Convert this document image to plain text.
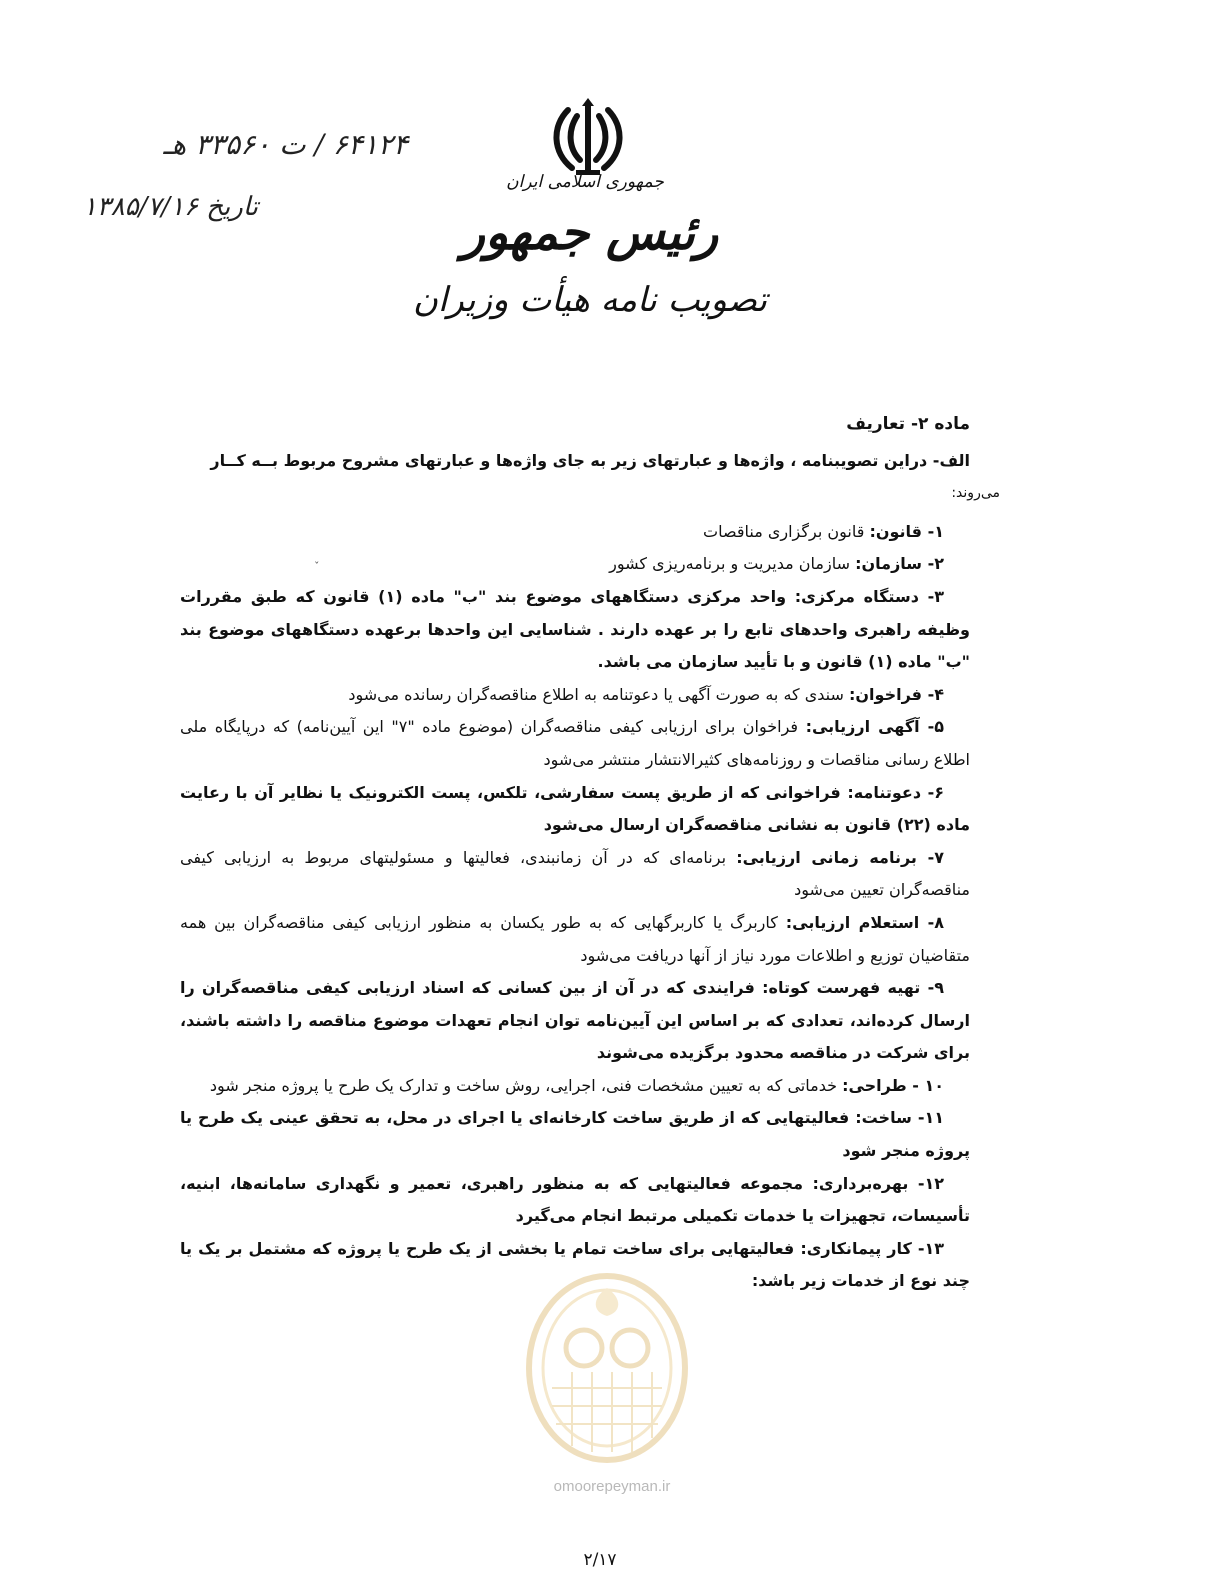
جمهوری اسلامی ایران
رئیس جمهور
تصویب نامه هیأت وزیران
۶۴۱۲۴ / ت ۳۳۵۶۰ هـ
تاریخ ۱۳۸۵/۷/۱۶
ˇ

ماده ۲- تعاریف

الف- دراین تصویبنامه ، واژه‌ها و عبارتهای زیر به جای واژه‌ها و عبارتهای مشروح مربوط بــه کــار

می‌روند:

۱- قانون: قانون برگزاری مناقصات

۲- سازمان: سازمان مدیریت و برنامه‌ریزی کشور

۳- دستگاه مرکزی: واحد مرکزی دستگاههای موضوع بند "ب" ماده (۱) قانون که طبق مقررات وظیفه راهبری واحدهای تابع را بر عهده دارند . شناسایی این واحدها برعهده دستگاههای موضوع بند "ب" ماده (۱) قانون و با تأیید سازمان می باشد.

۴- فراخوان: سندی که به صورت آگهی یا دعوتنامه به اطلاع مناقصه‌گران رسانده می‌شود

۵- آگهی ارزیابی: فراخوان برای ارزیابی کیفی مناقصه‌گران (موضوع ماده "۷" این آیین‌نامه) که درپایگاه ملی اطلاع رسانی مناقصات و روزنامه‌های کثیرالانتشار منتشر می‌شود

۶- دعوتنامه: فراخوانی که از طریق پست سفارشی، تلکس، پست الکترونیک یا نظایر آن با رعایت ماده (۲۲) قانون به نشانی مناقصه‌گران ارسال می‌شود

۷- برنامه زمانی ارزیابی: برنامه‌ای که در آن زمانبندی، فعالیتها و مسئولیتهای مربوط به ارزیابی کیفی مناقصه‌گران تعیین می‌شود

۸- استعلام ارزیابی: کاربرگ یا کاربرگهایی که به طور یکسان به منظور ارزیابی کیفی مناقصه‌گران بین همه متقاضیان توزیع و اطلاعات مورد نیاز از آنها دریافت می‌شود

۹- تهیه فهرست کوتاه: فرایندی که در آن از بین کسانی که اسناد ارزیابی کیفی مناقصه‌گران را ارسال کرده‌اند، تعدادی که بر اساس این آیین‌نامه توان انجام تعهدات موضوع مناقصه را داشته باشند، برای شرکت در مناقصه محدود برگزیده می‌شوند

۱۰ - طراحی: خدماتی که به تعیین مشخصات فنی، اجرایی، روش ساخت و تدارک یک طرح یا پروژه منجر شود

۱۱- ساخت: فعالیتهایی که از طریق ساخت کارخانه‌ای یا اجرای در محل، به تحقق عینی یک طرح یا پروژه منجر شود

۱۲- بهره‌برداری: مجموعه فعالیتهایی که به منظور راهبری، تعمیر و نگهداری سامانه‌ها، ابنیه، تأسیسات، تجهیزات یا خدمات تکمیلی مرتبط انجام می‌گیرد

۱۳- کار پیمانکاری: فعالیتهایی برای ساخت تمام یا بخشی از یک طرح یا پروژه که مشتمل بر یک یا چند نوع از خدمات زیر باشد:

omoorepeyman.ir
۲/۱۷
